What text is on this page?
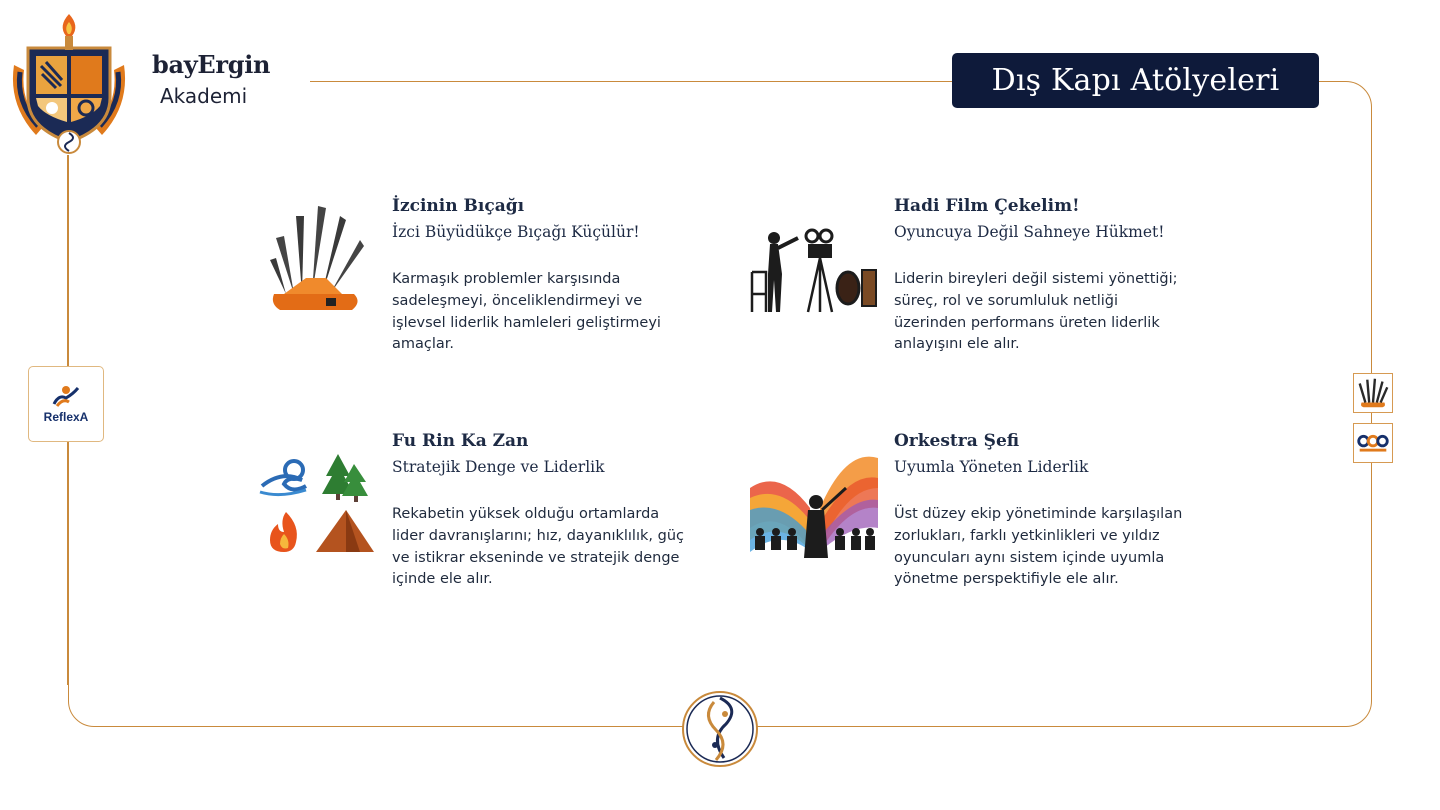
bayErgin
Akademi	Dış Kapı Atölyeleri
ReflexA
İzcinin Bıçağı
İzci Büyüdükçe Bıçağı Küçülür!
Karmaşık problemler karşısında sadeleşmeyi, önceliklendirmeyi ve işlevsel liderlik hamleleri geliştirmeyi amaçlar.
Hadi Film Çekelim!
Oyuncuya Değil Sahneye Hükmet!
Liderin bireyleri değil sistemi yönettiği; süreç, rol ve sorumluluk netliği üzerinden performans üreten liderlik anlayışını ele alır.
Fu Rin Ka Zan
Stratejik Denge ve Liderlik
Rekabetin yüksek olduğu ortamlarda lider davranışlarını; hız, dayanıklılık, güç ve istikrar ekseninde ve stratejik denge içinde ele alır.
Orkestra Şefi
Uyumla Yöneten Liderlik
Üst düzey ekip yönetiminde karşılaşılan zorlukları, farklı yetkinlikleri ve yıldız oyuncuları aynı sistem içinde uyumla yönetme perspektifiyle ele alır.
